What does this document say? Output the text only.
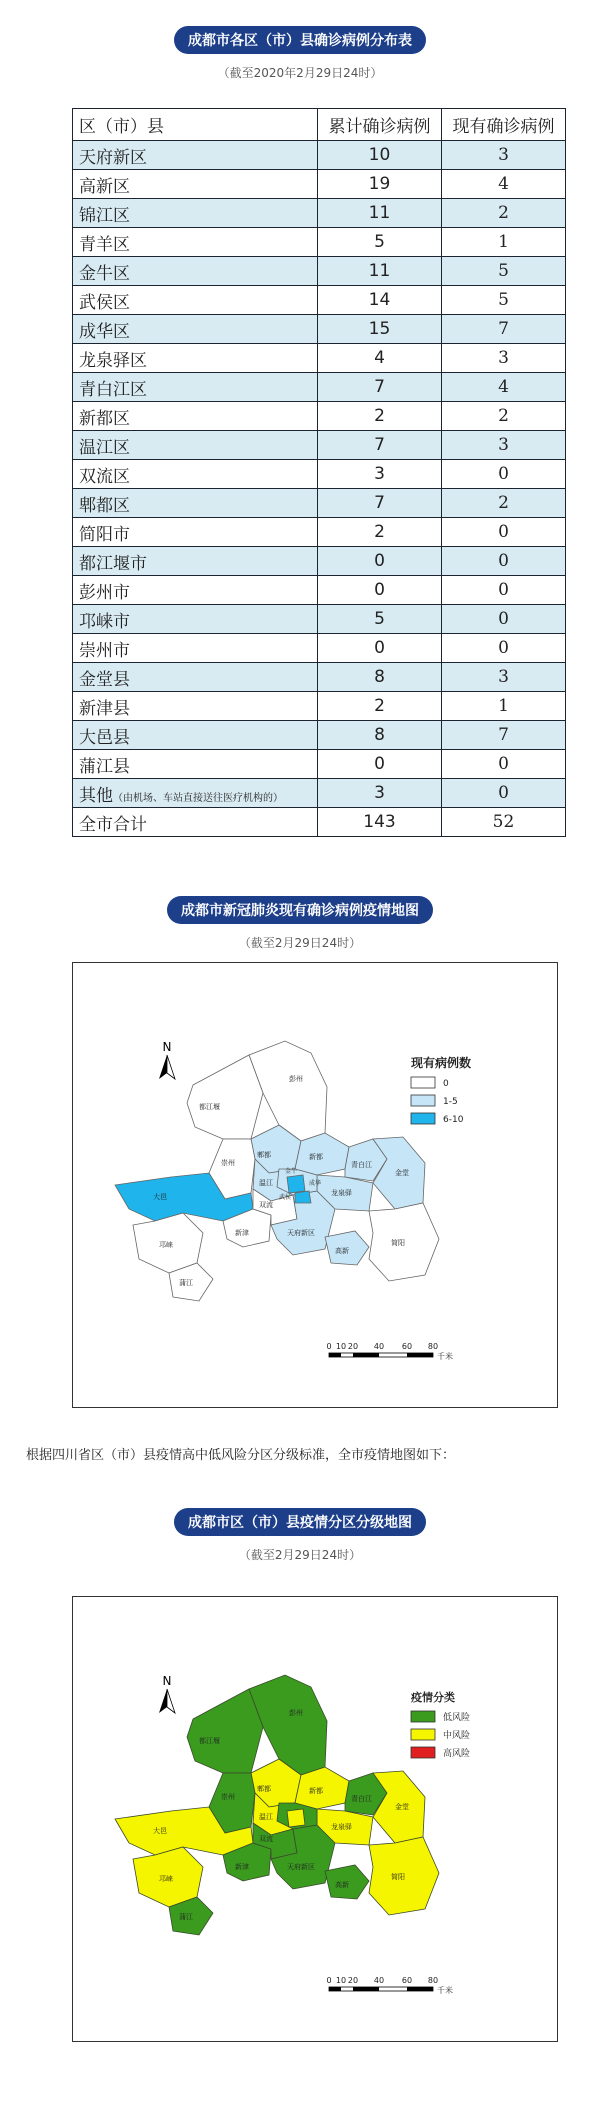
成都市各区（市）县确诊病例分布表
（截至2020年2月29日24时）
区（市）县	累计确诊病例	现有确诊病例
天府新区	10	3
高新区	19	4
锦江区	11	2
青羊区	5	1
金牛区	11	5
武侯区	14	5
成华区	15	7
龙泉驿区	4	3
青白江区	7	4
新都区	2	2
温江区	7	3
双流区	3	0
郫都区	7	2
简阳市	2	0
都江堰市	0	0
彭州市	0	0
邛崃市	5	0
崇州市	0	0
金堂县	8	3
新津县	2	1
大邑县	8	7
蒲江县	0	0
其他（由机场、车站直接送往医疗机构的）	3	0
全市合计	143	52
成都市新冠肺炎现有确诊病例疫情地图
（截至2月29日24时）
N
彭州
都江堰
郫都	新都
青白江
金堂
崇州
温江
大邑
邛崃
蒲江
新津
双流
天府新区
龙泉驿
高新
简阳
金牛
武侯
成华
现有病例数
0
1-5
6-10
0 10 20 40 60 80
千米
根据四川省区（市）县疫情高中低风险分区分级标准，全市疫情地图如下：
成都市区（市）县疫情分区分级地图
（截至2月29日24时）
N
彭州
都江堰
郫都	新都
青白江
金堂
崇州
温江
大邑
邛崃
蒲江
新津
双流
天府新区
龙泉驿
高新
简阳
疫情分类
低风险
中风险
高风险
0 10 20 40 60 80
千米
